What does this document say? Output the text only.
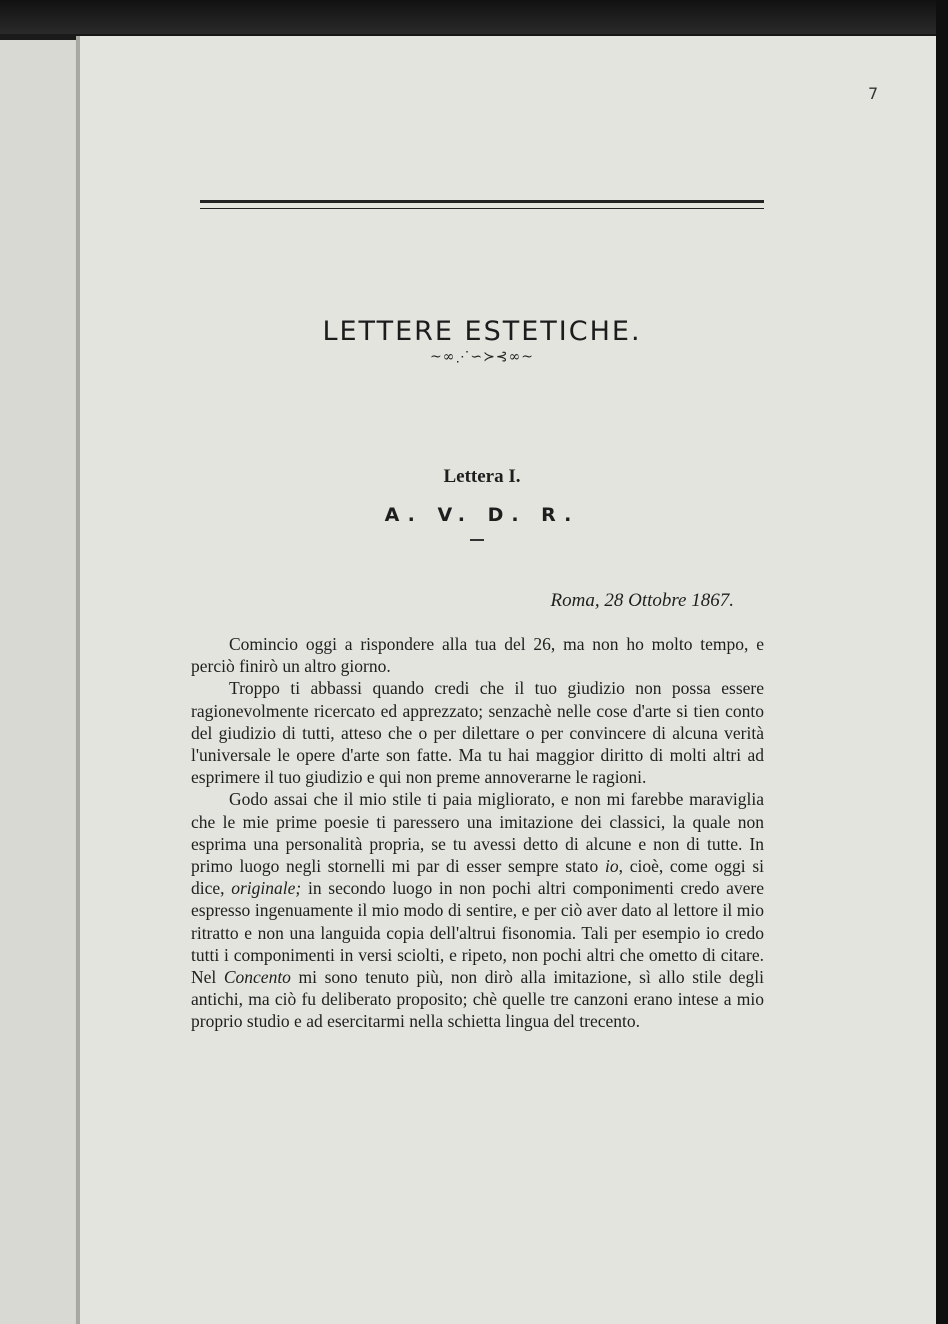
7
LETTERE ESTETICHE.
~∞⋰∽≻⊰∞~
Lettera I.
A. V. D. R.
Roma, 28 Ottobre 1867.

Comincio oggi a rispondere alla tua del 26, ma non ho molto tempo, e perciò finirò un altro giorno.

Troppo ti abbassi quando credi che il tuo giudizio non possa essere ragionevolmente ricercato ed apprezzato; senzachè nelle cose d'arte si tien conto del giudizio di tutti, atteso che o per dilettare o per convincere di alcuna verità l'universale le opere d'arte son fatte. Ma tu hai maggior diritto di molti altri ad esprimere il tuo giudizio e qui non preme annoverarne le ragioni.

Godo assai che il mio stile ti paia migliorato, e non mi farebbe maraviglia che le mie prime poesie ti paressero una imitazione dei classici, la quale non esprima una personalità propria, se tu avessi detto di alcune e non di tutte. In primo luogo negli stornelli mi par di esser sempre stato io, cioè, come oggi si dice, originale; in secondo luogo in non pochi altri componimenti credo avere espresso ingenuamente il mio modo di sentire, e per ciò aver dato al lettore il mio ritratto e non una languida copia dell'altrui fisonomia. Tali per esempio io credo tutti i componimenti in versi sciolti, e ripeto, non pochi altri che ometto di citare. Nel Concento mi sono tenuto più, non dirò alla imitazione, sì allo stile degli antichi, ma ciò fu deliberato proposito; chè quelle tre canzoni erano intese a mio proprio studio e ad esercitarmi nella schietta lingua del trecento.
